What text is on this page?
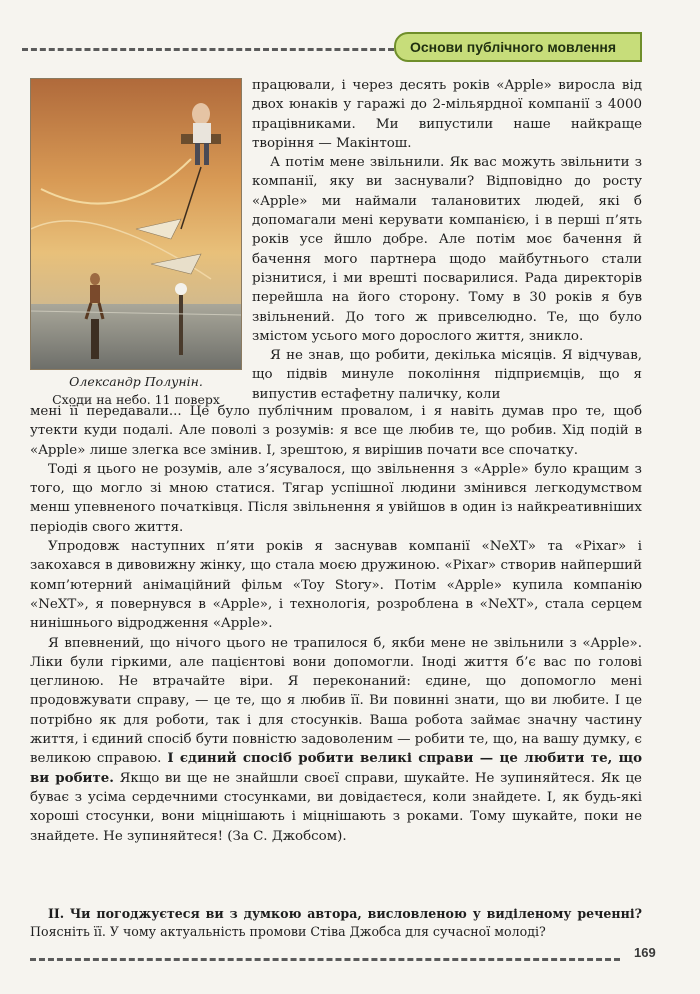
Основи публічного мовлення
Олександр Полунін.
Сходи на небо. 11 поверх

працювали, і через десять років «Apple» виросла від двох юнаків у гаражі до 2-мільярдної компанії з 4000 працівниками. Ми випустили наше найкраще творіння — Макінтош.

А потім мене звільнили. Як вас можуть звільнити з компанії, яку ви заснували? Відповідно до росту «Apple» ми наймали талановитих людей, які б допомагали мені керувати компанією, і в перші п’ять років усе йшло добре. Але потім моє бачення й бачення мого партнера щодо майбутнього стали різнитися, і ми врешті посварилися. Рада директорів перейшла на його сторону. Тому в 30 років я був звільнений. До того ж привселюдно. Те, що було змістом усього мого дорослого життя, зникло.

Я не знав, що робити, декілька місяців. Я відчував, що підвів минуле покоління підприємців, що я випустив естафетну паличку, коли

мені її передавали... Це було публічним провалом, і я навіть думав про те, щоб утекти куди подалі. Але поволі з розумів: я все ще любив те, що робив. Хід подій в «Apple» лише злегка все змінив. І, зрештою, я вирішив почати все спочатку.

Тоді я цього не розумів, але з’ясувалося, що звільнення з «Apple» було кращим з того, що могло зі мною статися. Тягар успішної людини змінився легкодумством менш упевненого початківця. Після звільнення я увійшов в один із найкреативніших періодів свого життя.

Упродовж наступних п’яти років я заснував компанії «NeXT» та «Pixar» і закохався в дивовижну жінку, що стала моєю дружиною. «Pixar» створив найперший комп’ютерний анімаційний фільм «Toy Story». Потім «Apple» купила компанію «NeXT», я повернувся в «Apple», і технологія, розроблена в «NeXT», стала серцем нинішнього відродження «Apple».

Я впевнений, що нічого цього не трапилося б, якби мене не звільнили з «Apple». Ліки були гіркими, але пацієнтові вони допомогли. Іноді життя б’є вас по голові цеглиною. Не втрачайте віри. Я переконаний: єдине, що допомогло мені продовжувати справу, — це те, що я любив її. Ви повинні знати, що ви любите. І це потрібно як для роботи, так і для стосунків. Ваша робота займає значну частину життя, і єдиний спосіб бути повністю задоволеним — робити те, що, на вашу думку, є великою справою. І єдиний спосіб робити великі справи — це любити те, що ви робите. Якщо ви ще не знайшли своєї справи, шукайте. Не зупиняйтеся. Як це буває з усіма сердечними стосунками, ви довідаєтеся, коли знайдете. І, як будь-які хороші стосунки, вони міцнішають і міцнішають з роками. Тому шукайте, поки не знайдете. Не зупиняйтеся! (За С. Джобсом).

ІІ. Чи погоджуєтеся ви з думкою автора, висловленою у виділеному реченні? Поясніть її. У чому актуальність промови Стіва Джобса для сучасної молоді?
169
